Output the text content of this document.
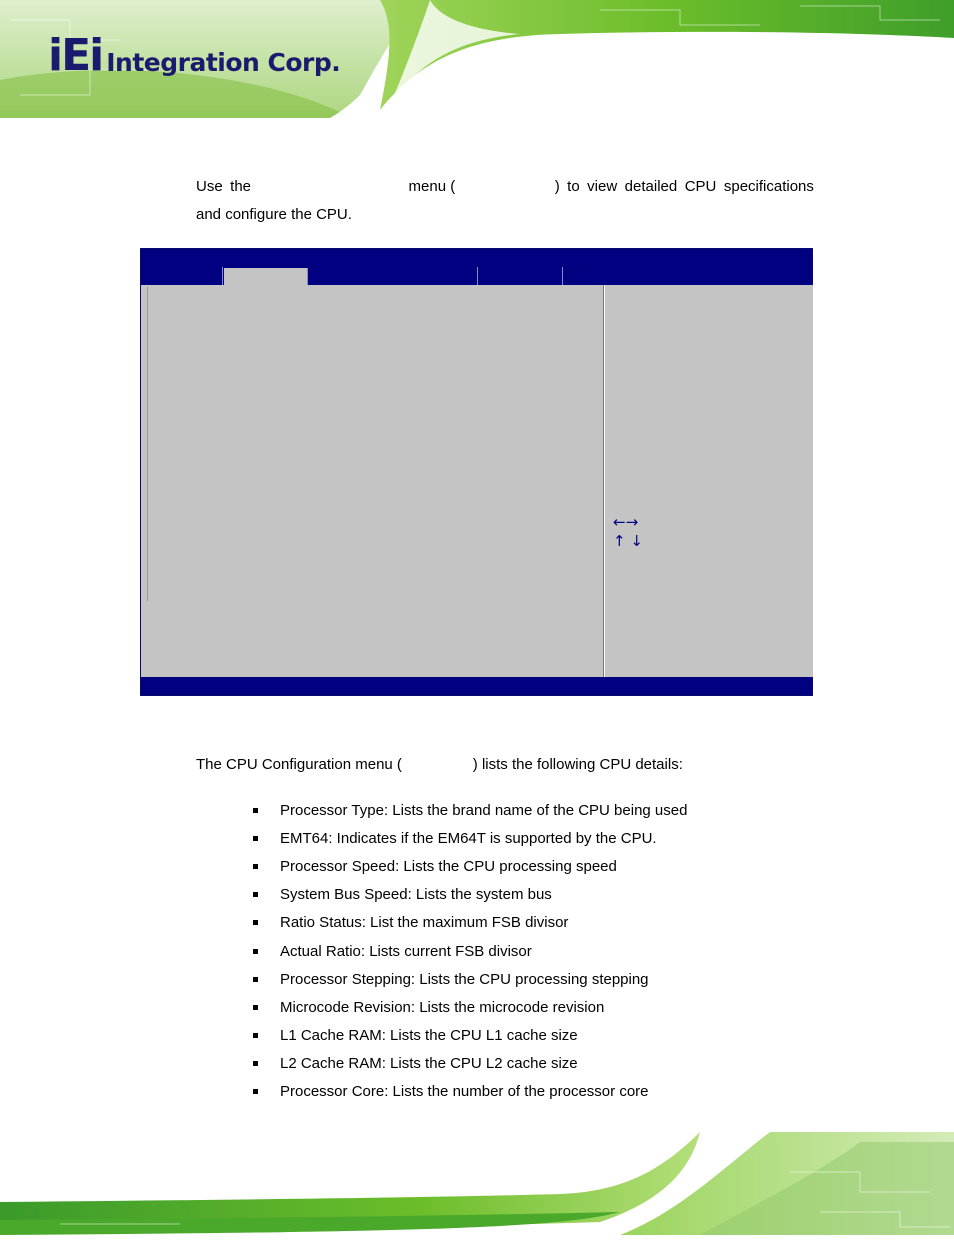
iEi Integration Corp.
Use the	menu (	) to view detailed CPU specifications
and configure the CPU.
←→
↑ ↓
The CPU Configuration menu (                 ) lists the following CPU details:
Processor Type: Lists the brand name of the CPU being used
EMT64: Indicates if the EM64T is supported by the CPU.
Processor Speed: Lists the CPU processing speed
System Bus Speed: Lists the system bus
Ratio Status: List the maximum FSB divisor
Actual Ratio: Lists current FSB divisor
Processor Stepping: Lists the CPU processing stepping
Microcode Revision: Lists the microcode revision
L1 Cache RAM: Lists the CPU L1 cache size
L2 Cache RAM: Lists the CPU L2 cache size
Processor Core: Lists the number of the processor core
